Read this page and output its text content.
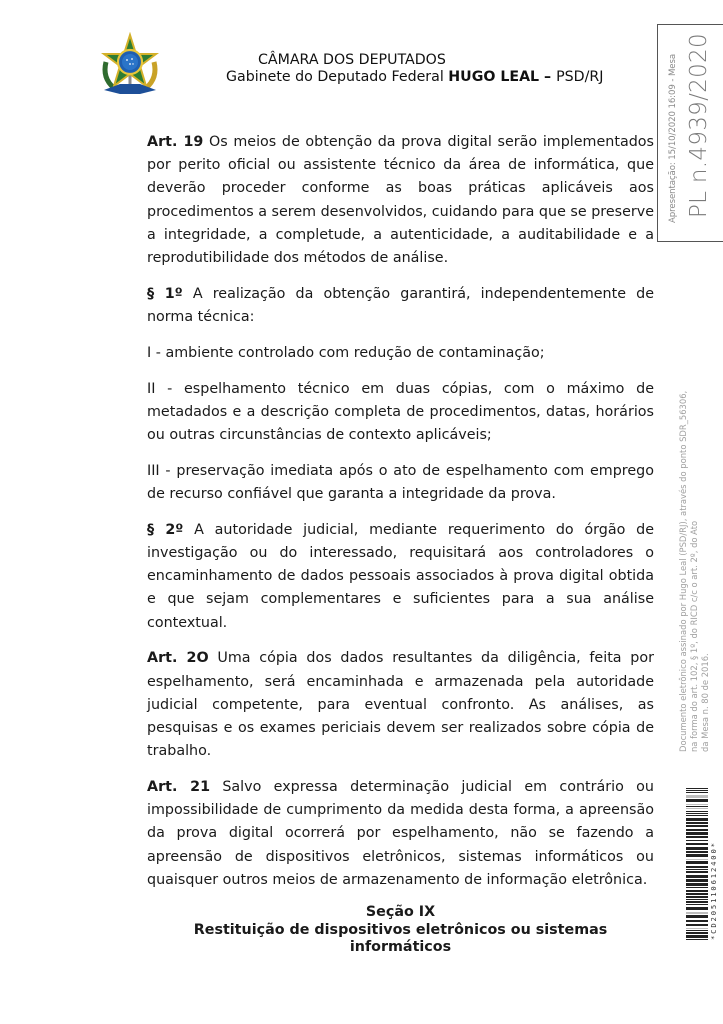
CÂMARA DOS DEPUTADOS
Gabinete do Deputado Federal HUGO LEAL – PSD/RJ	Apresentação: 15/10/2020 16:09 - Mesa PL n.4939/2020
Documento eletrônico assinado por Hugo Leal (PSD/RJ), através do ponto SDR_56306, na forma do art. 102, § 1º, do RICD c/c o art. 2º, do Ato da Mesa n. 80 de 2016.
*CD205110612400*

Art. 19 Os meios de obtenção da prova digital serão implementados por perito oficial ou assistente técnico da área de informática, que deverão proceder conforme as boas práticas aplicáveis aos procedimentos a serem desenvolvidos, cuidando para que se preserve a integridade, a completude, a autenticidade, a auditabilidade e a reprodutibilidade dos métodos de análise.

§ 1º A realização da obtenção garantirá, independentemente de norma técnica:

I - ambiente controlado com redução de contaminação;

II - espelhamento técnico em duas cópias, com o máximo de metadados e a descrição completa de procedimentos, datas, horários ou outras circunstâncias de contexto aplicáveis;

III - preservação imediata após o ato de espelhamento com emprego de recurso confiável que garanta a integridade da prova.

§ 2º A autoridade judicial, mediante requerimento do órgão de investigação ou do interessado, requisitará aos controladores o encaminhamento de dados pessoais associados à prova digital obtida e que sejam complementares e suficientes para a sua análise contextual.

Art. 2O Uma cópia dos dados resultantes da diligência, feita por espelhamento, será encaminhada e armazenada pela autoridade judicial competente, para eventual confronto. As análises, as pesquisas e os exames periciais devem ser realizados sobre cópia de trabalho.

Art. 21 Salvo expressa determinação judicial em contrário ou impossibilidade de cumprimento da medida desta forma, a apreensão da prova digital ocorrerá por espelhamento, não se fazendo a apreensão de dispositivos eletrônicos, sistemas informáticos ou quaisquer outros meios de armazenamento de informação eletrônica.

Seção IX
Restituição de dispositivos eletrônicos ou sistemas
informáticos
